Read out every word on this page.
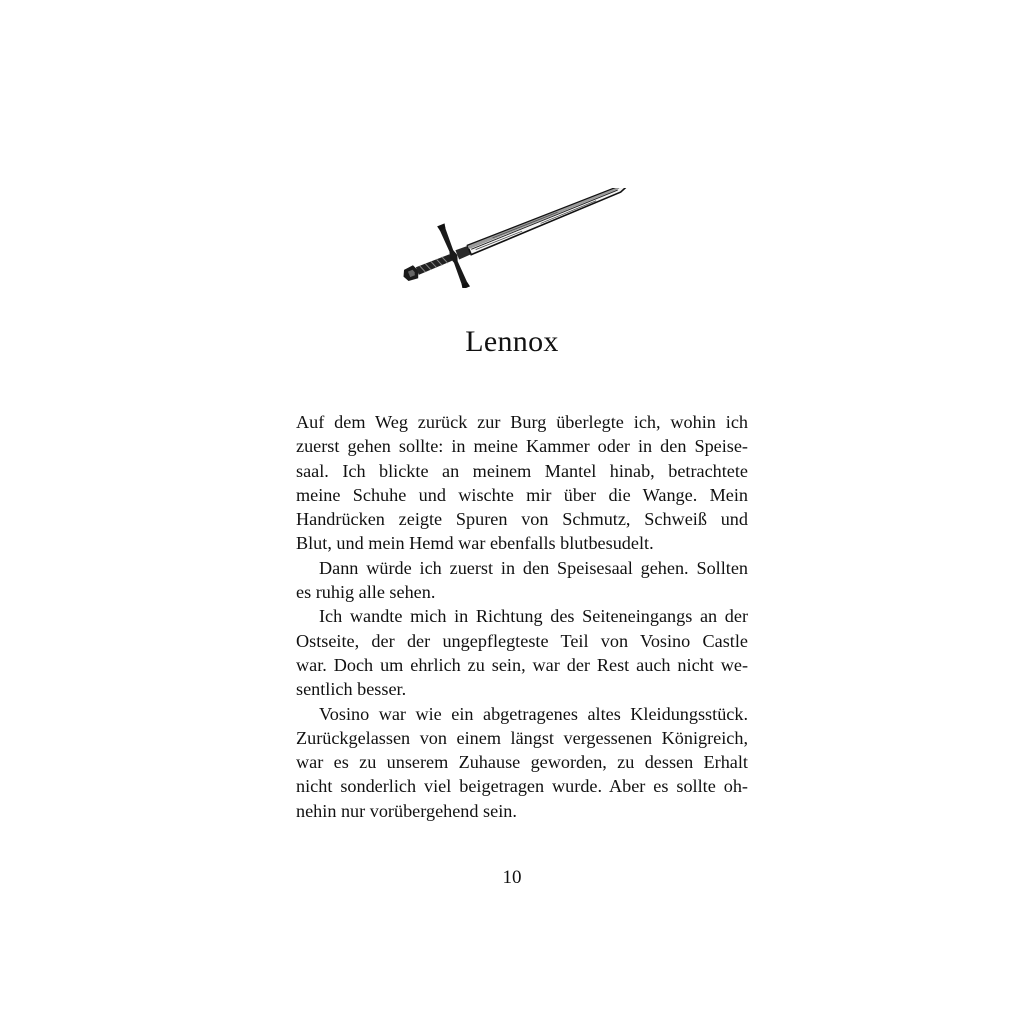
Lennox
Auf dem Weg zurück zur Burg überlegte ich, wohin ich
zuerst gehen sollte: in meine Kammer oder in den Speise-
saal. Ich blickte an meinem Mantel hinab, betrachtete
meine Schuhe und wischte mir über die Wange. Mein
Handrücken zeigte Spuren von Schmutz, Schweiß und
Blut, und mein Hemd war ebenfalls blutbesudelt.
Dann würde ich zuerst in den Speisesaal gehen. Sollten
es ruhig alle sehen.
Ich wandte mich in Richtung des Seiteneingangs an der
Ostseite, der der ungepflegteste Teil von Vosino Castle
war. Doch um ehrlich zu sein, war der Rest auch nicht we-
sentlich besser.
Vosino war wie ein abgetragenes altes Kleidungsstück.
Zurückgelassen von einem längst vergessenen Königreich,
war es zu unserem Zuhause geworden, zu dessen Erhalt
nicht sonderlich viel beigetragen wurde. Aber es sollte oh-
nehin nur vorübergehend sein.
10
